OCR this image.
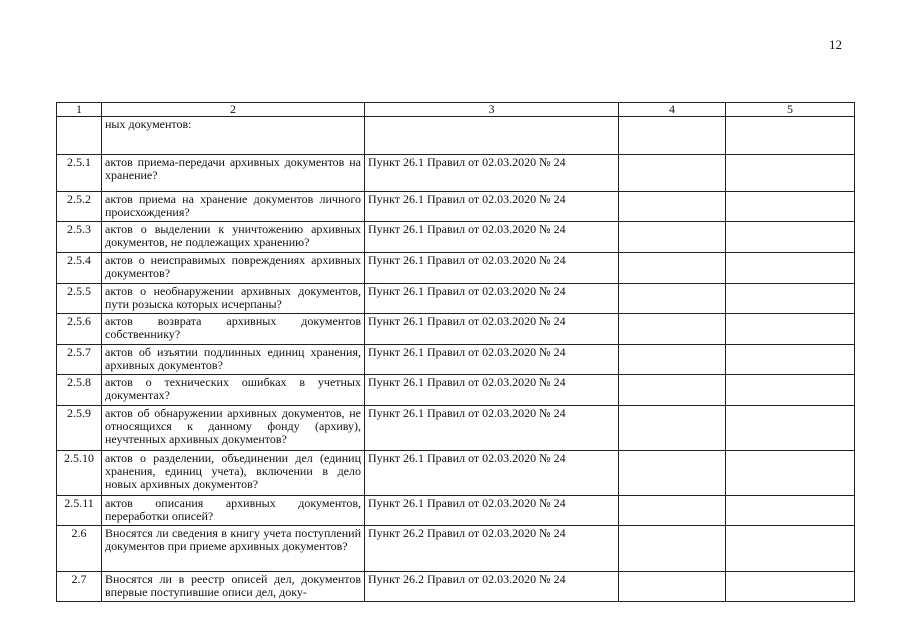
12
1	2	3	4	5
	ных документов:			
2.5.1	актов приема-передачи архивных документов на хранение?	Пункт 26.1 Правил от 02.03.2020 № 24		
2.5.2	актов приема на хранение документов личного происхождения?	Пункт 26.1 Правил от 02.03.2020 № 24		
2.5.3	актов о выделении к уничтожению архивных документов, не подлежащих хранению?	Пункт 26.1 Правил от 02.03.2020 № 24		
2.5.4	актов о неисправимых повреждениях архивных документов?	Пункт 26.1 Правил от 02.03.2020 № 24		
2.5.5	актов о необнаружении архивных документов, пути розыска которых исчерпаны?	Пункт 26.1 Правил от 02.03.2020 № 24		
2.5.6	актов возврата архивных документов собственнику?	Пункт 26.1 Правил от 02.03.2020 № 24		
2.5.7	актов об изъятии подлинных единиц хранения, архивных документов?	Пункт 26.1 Правил от 02.03.2020 № 24		
2.5.8	актов о технических ошибках в учетных документах?	Пункт 26.1 Правил от 02.03.2020 № 24		
2.5.9	актов об обнаружении архивных документов, не относящихся к данному фонду (архиву), неучтенных архивных документов?	Пункт 26.1 Правил от 02.03.2020 № 24		
2.5.10	актов о разделении, объединении дел (единиц хранения, единиц учета), включении в дело новых архивных документов?	Пункт 26.1 Правил от 02.03.2020 № 24		
2.5.11	актов описания архивных документов, переработки описей?	Пункт 26.1 Правил от 02.03.2020 № 24		
2.6	Вносятся ли сведения в книгу учета поступлений документов при приеме архивных документов?	Пункт 26.2 Правил от 02.03.2020 № 24		
2.7	Вносятся ли в реестр описей дел, документов впервые поступившие описи дел, доку-	Пункт 26.2 Правил от 02.03.2020 № 24		
